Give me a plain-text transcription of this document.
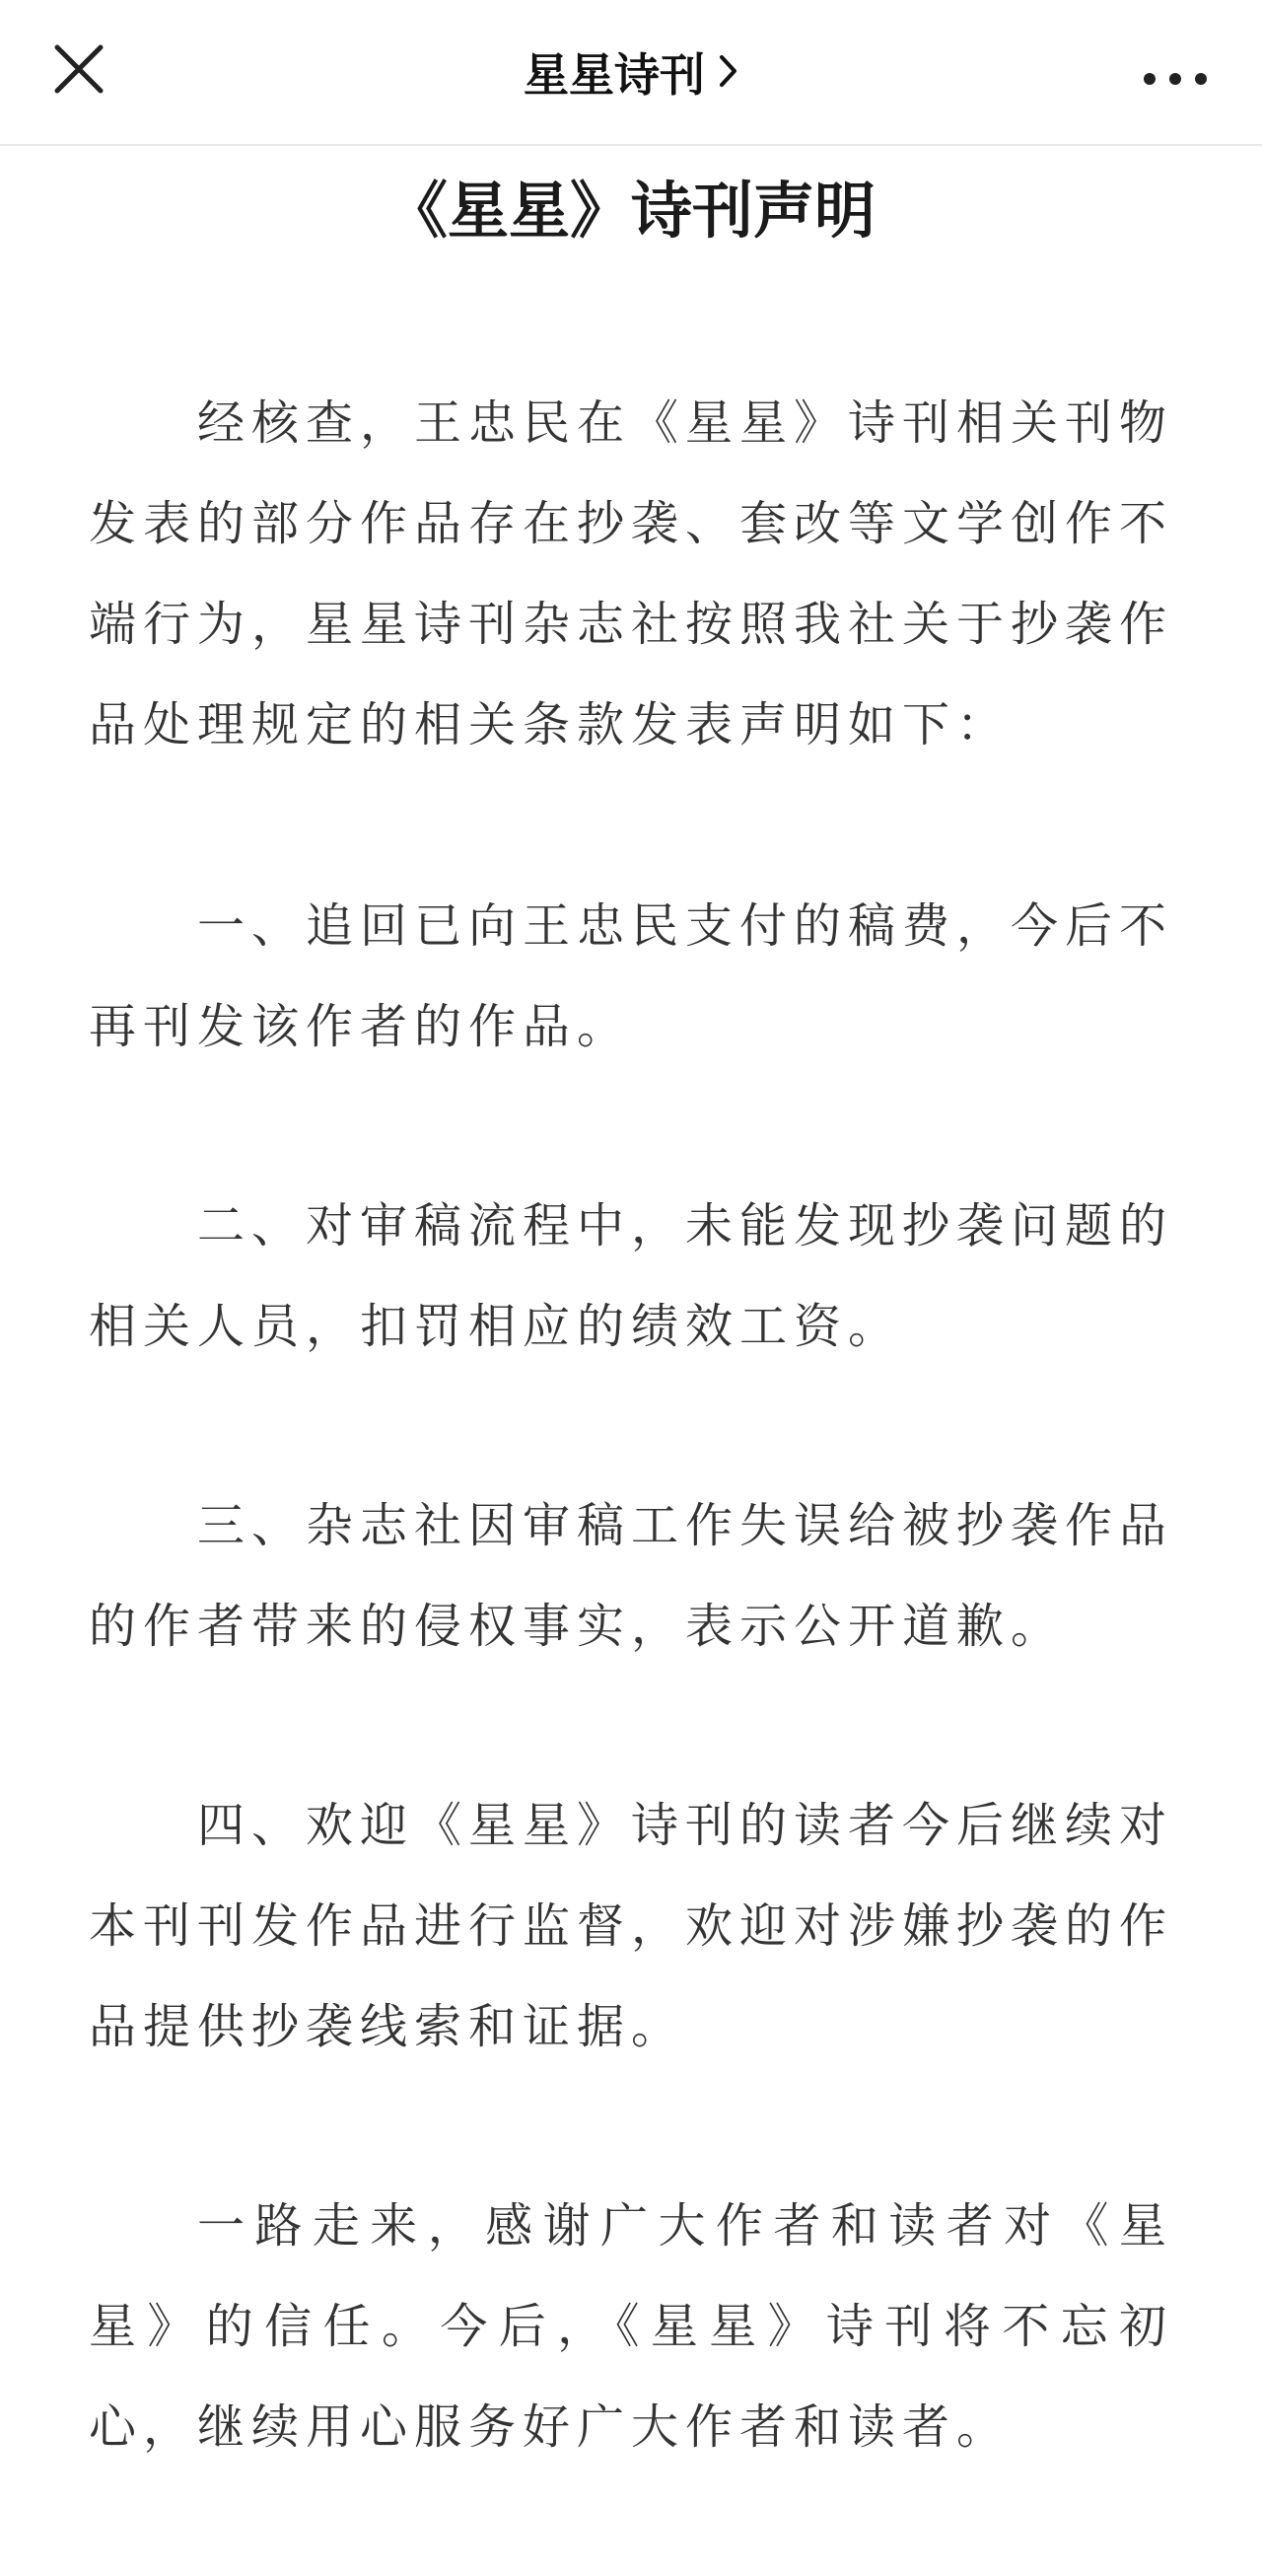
星星诗刊
《星星》诗刊声明

经核查，王忠民在《星星》诗刊相关刊物发表的部分作品存在抄袭、套改等文学创作不端行为，星星诗刊杂志社按照我社关于抄袭作品处理规定的相关条款发表声明如下：

一、追回已向王忠民支付的稿费，今后不再刊发该作者的作品。

二、对审稿流程中，未能发现抄袭问题的相关人员，扣罚相应的绩效工资。

三、杂志社因审稿工作失误给被抄袭作品的作者带来的侵权事实，表示公开道歉。

四、欢迎《星星》诗刊的读者今后继续对本刊刊发作品进行监督，欢迎对涉嫌抄袭的作品提供抄袭线索和证据。

一路走来，感谢广大作者和读者对《星星》的信任。今后，《星星》诗刊将不忘初心，继续用心服务好广大作者和读者。
